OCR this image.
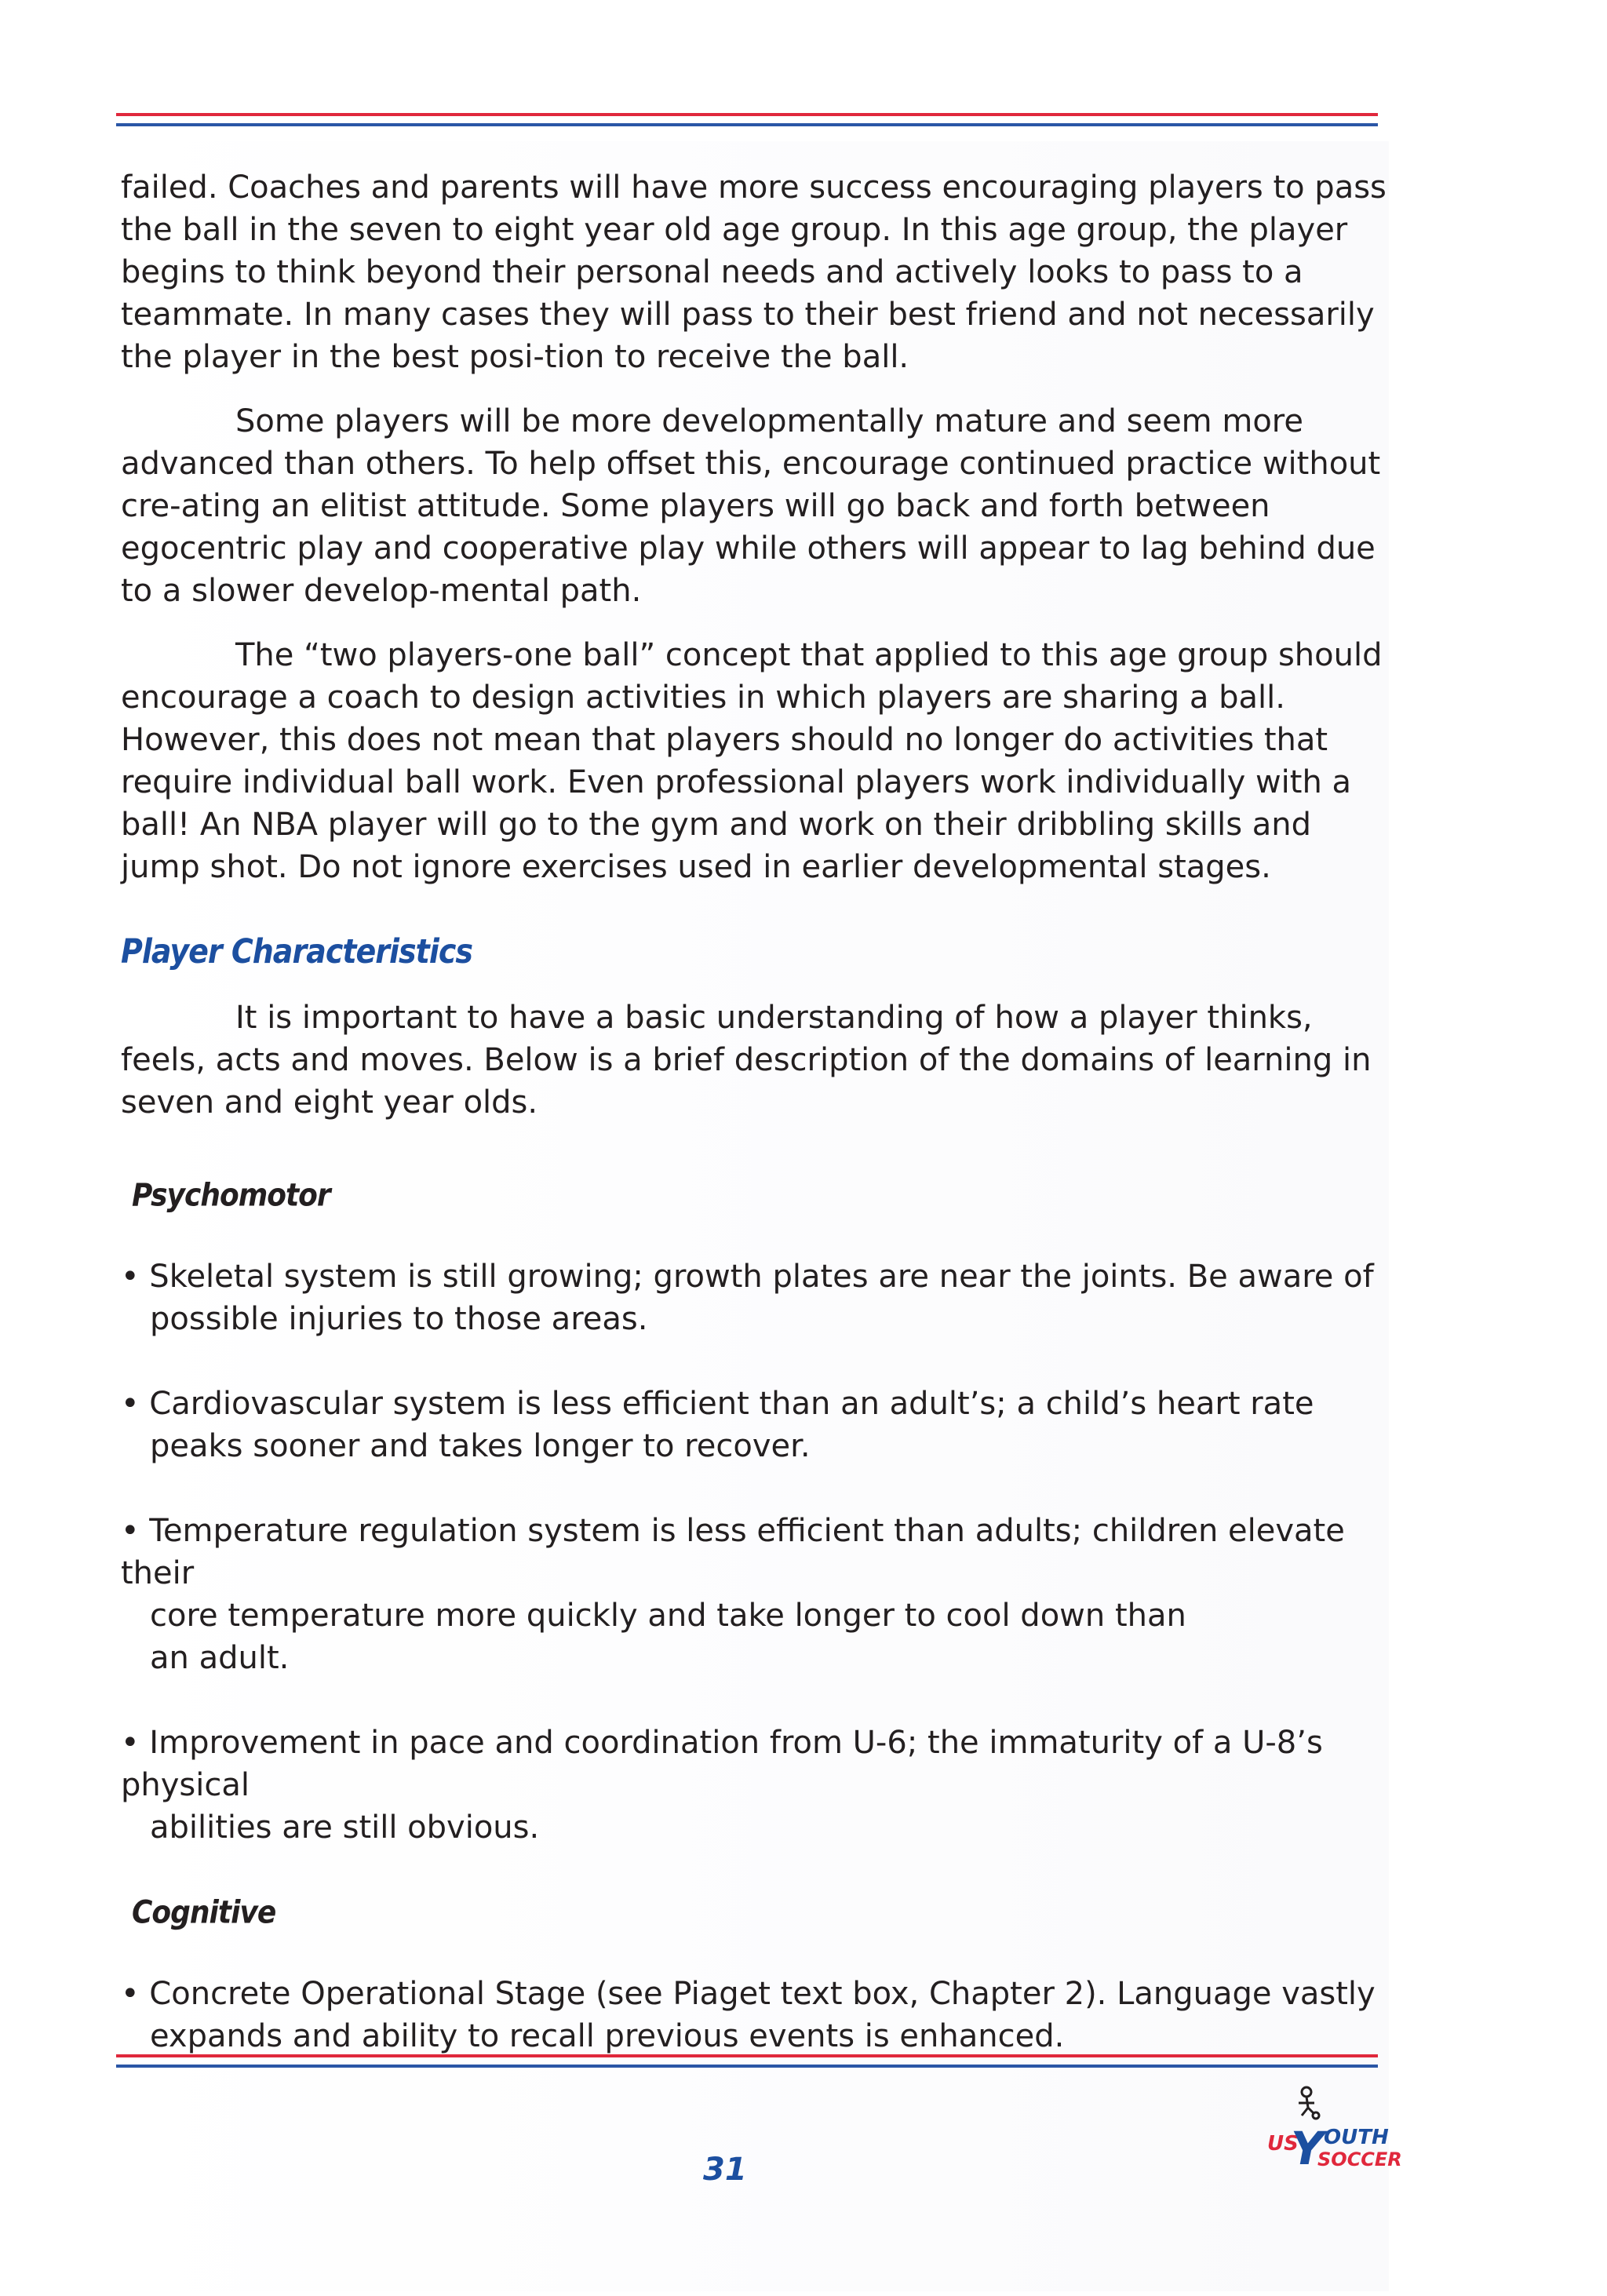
failed. Coaches and parents will have more success encouraging players to pass the ball in the seven to eight year old age group. In this age group, the player begins to think beyond their personal needs and actively looks to pass to a teammate. In many cases they will pass to their best friend and not necessarily the player in the best posi-tion to receive the ball.

Some players will be more developmentally mature and seem more advanced than others. To help offset this, encourage continued practice without cre-ating an elitist attitude. Some players will go back and forth between egocentric play and cooperative play while others will appear to lag behind due to a slower develop-mental path.

The “two players-one ball” concept that applied to this age group should encourage a coach to design activities in which players are sharing a ball. However, this does not mean that players should no longer do activities that require individual ball work. Even professional players work individually with a ball! An NBA player will go to the gym and work on their dribbling skills and jump shot. Do not ignore exercises used in earlier developmental stages.

Player Characteristics

It is important to have a basic understanding of how a player thinks, feels, acts and moves. Below is a brief description of the domains of learning in seven and eight year olds.

Psychomotor
• Skeletal system is still growing; growth plates are near the joints. Be aware of
possible injuries to those areas.
• Cardiovascular system is less efficient than an adult’s; a child’s heart rate
peaks sooner and takes longer to recover.
• Temperature regulation system is less efficient than adults; children elevate their
core temperature more quickly and take longer to cool down than
an adult.
• Improvement in pace and coordination from U-6; the immaturity of a U-8’s physical
abilities are still obvious.
Cognitive
• Concrete Operational Stage (see Piaget text box, Chapter 2). Language vastly
expands and ability to recall previous events is enhanced.
31
US
Y OUTH
SOCCER
